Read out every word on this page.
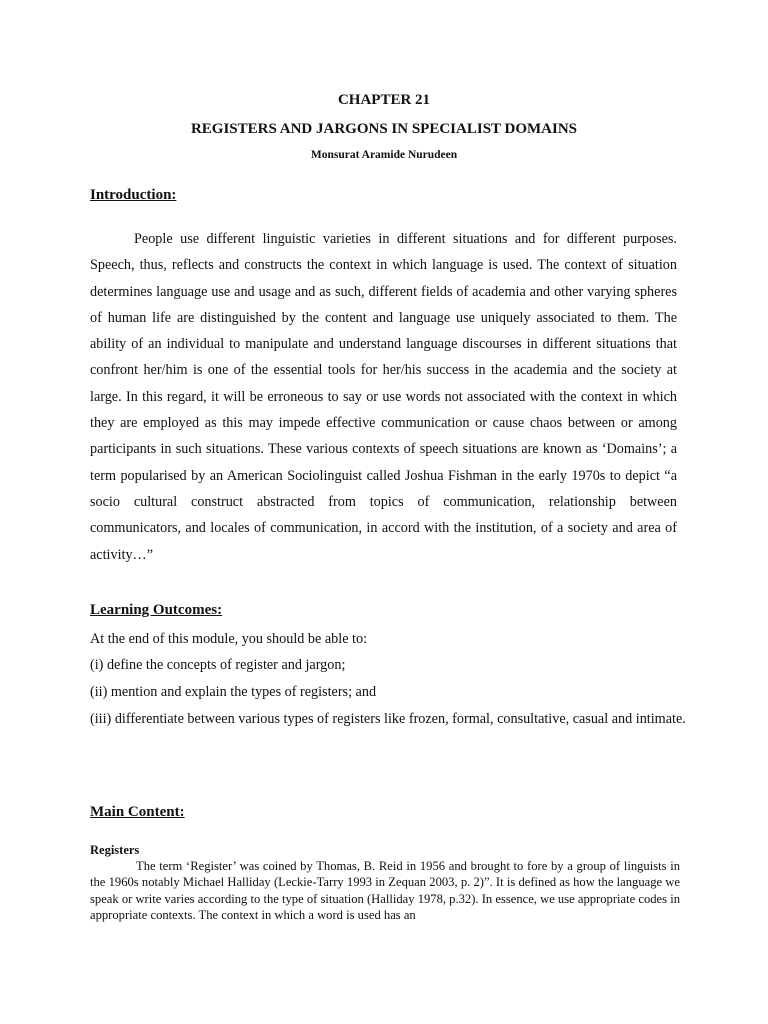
CHAPTER 21
REGISTERS AND JARGONS IN SPECIALIST DOMAINS
Monsurat Aramide Nurudeen
Introduction:

People use different linguistic varieties in different situations and for different purposes. Speech, thus, reflects and constructs the context in which language is used. The context of situation determines language use and usage and as such, different fields of academia and other varying spheres of human life are distinguished by the content and language use uniquely associated to them. The ability of an individual to manipulate and understand language discourses in different situations that confront her/him is one of the essential tools for her/his success in the academia and the society at large. In this regard, it will be erroneous to say or use words not associated with the context in which they are employed as this may impede effective communication or cause chaos between or among participants in such situations. These various contexts of speech situations are known as ‘Domains’; a term popularised by an American Sociolinguist called Joshua Fishman in the early 1970s to depict “a socio cultural construct abstracted from topics of communication, relationship between communicators, and locales of communication, in accord with the institution, of a society and area of activity…”

Learning Outcomes:
At the end of this module, you should be able to:
(i) define the concepts of register and jargon;
(ii) mention and explain the types of registers; and
(iii) differentiate between various types of registers like frozen, formal, consultative, casual and intimate.
Main Content:
Registers

The term ‘Register’ was coined by Thomas, B. Reid in 1956 and brought to fore by a group of linguists in the 1960s notably Michael Halliday (Leckie-Tarry 1993 in Zequan 2003, p. 2)”. It is defined as how the language we speak or write varies according to the type of situation (Halliday 1978, p.32). In essence, we use appropriate codes in appropriate contexts. The context in which a word is used has an
